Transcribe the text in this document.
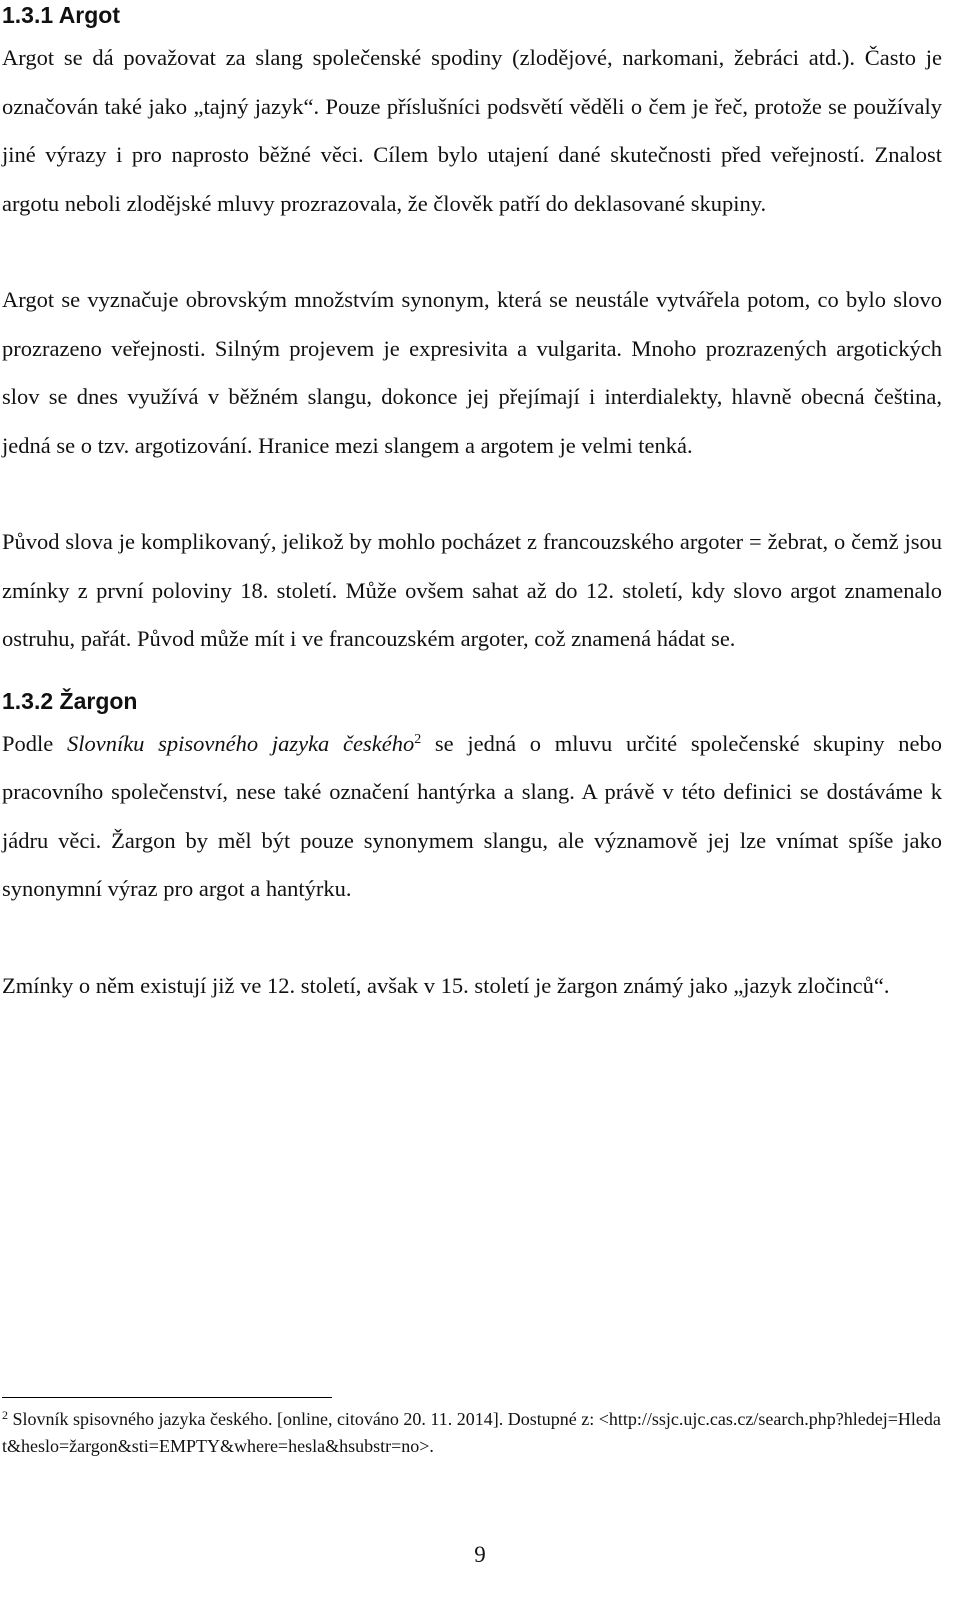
1.3.1 Argot

Argot se dá považovat za slang společenské spodiny (zlodějové, narkomani, žebráci atd.). Často je označován také jako „tajný jazyk“. Pouze příslušníci podsvětí věděli o čem je řeč, protože se používaly jiné výrazy i pro naprosto běžné věci. Cílem bylo utajení dané skutečnosti před veřejností. Znalost argotu neboli zlodějské mluvy prozrazovala, že člověk patří do deklasované skupiny.

Argot se vyznačuje obrovským množstvím synonym, která se neustále vytvářela potom, co bylo slovo prozrazeno veřejnosti. Silným projevem je expresivita a vulgarita. Mnoho prozrazených argotických slov se dnes využívá v běžném slangu, dokonce jej přejímají i interdialekty, hlavně obecná čeština, jedná se o tzv. argotizování. Hranice mezi slangem a argotem je velmi tenká.

Původ slova je komplikovaný, jelikož by mohlo pocházet z francouzského argoter = žebrat, o čemž jsou zmínky z první poloviny 18. století. Může ovšem sahat až do 12. století, kdy slovo argot znamenalo ostruhu, pařát. Původ může mít i ve francouzském argoter, což znamená hádat se.

1.3.2 Žargon

Podle Slovníku spisovného jazyka českého$^2$ se jedná o mluvu určité společenské skupiny nebo pracovního společenství, nese také označení hantýrka a slang. A právě v této definici se dostáváme k jádru věci. Žargon by měl být pouze synonymem slangu, ale významově jej lze vnímat spíše jako synonymní výraz pro argot a hantýrku.

Zmínky o něm existují již ve 12. století, avšak v 15. století je žargon známý jako „jazyk zločinců“.

$^2$ Slovník spisovného jazyka českého. [online, citováno 20. 11. 2014]. Dostupné z: <http://ssjc.ujc.cas.cz/search.php?hledej=Hledat&heslo=žargon&sti=EMPTY&where=hesla&hsubstr=no>.

9
